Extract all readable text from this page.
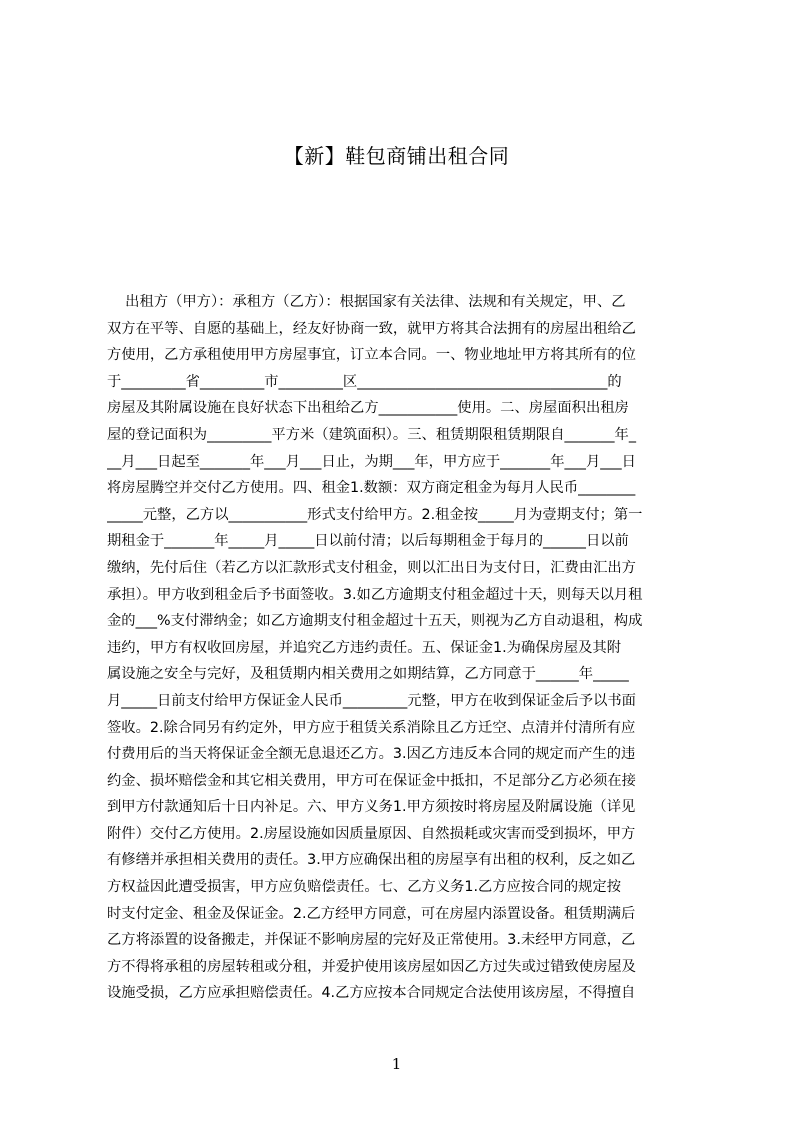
【新】鞋包商铺出租合同
出租方（甲方）：承租方（乙方）：根据国家有关法律、法规和有关规定，甲、乙
双方在平等、自愿的基础上，经友好协商一致，就甲方将其合法拥有的房屋出租给乙
方使用，乙方承租使用甲方房屋事宜，订立本合同。一、物业地址甲方将其所有的位
于_________省_________市_________区___________________________________的
房屋及其附属设施在良好状态下出租给乙方___________使用。二、房屋面积出租房
屋的登记面积为_________平方米（建筑面积）。三、租赁期限租赁期限自_______年_
__月___日起至_______年___月___日止，为期___年，甲方应于_______年___月___日
将房屋腾空并交付乙方使用。四、租金1.数额：双方商定租金为每月人民币________
_____元整，乙方以___________形式支付给甲方。2.租金按_____月为壹期支付；第一
期租金于_______年_____月_____日以前付清；以后每期租金于每月的______日以前
缴纳，先付后住（若乙方以汇款形式支付租金，则以汇出日为支付日，汇费由汇出方
承担）。甲方收到租金后予书面签收。3.如乙方逾期支付租金超过十天，则每天以月租
金的___%支付滞纳金；如乙方逾期支付租金超过十五天，则视为乙方自动退租，构成
违约，甲方有权收回房屋，并追究乙方违约责任。五、保证金1.为确保房屋及其附
属设施之安全与完好，及租赁期内相关费用之如期结算，乙方同意于______年_____
月_____日前支付给甲方保证金人民币_________元整，甲方在收到保证金后予以书面
签收。2.除合同另有约定外，甲方应于租赁关系消除且乙方迁空、点清并付清所有应
付费用后的当天将保证金全额无息退还乙方。3.因乙方违反本合同的规定而产生的违
约金、损坏赔偿金和其它相关费用，甲方可在保证金中抵扣，不足部分乙方必须在接
到甲方付款通知后十日内补足。六、甲方义务1.甲方须按时将房屋及附属设施（详见
附件）交付乙方使用。2.房屋设施如因质量原因、自然损耗或灾害而受到损坏，甲方
有修缮并承担相关费用的责任。3.甲方应确保出租的房屋享有出租的权利，反之如乙
方权益因此遭受损害，甲方应负赔偿责任。七、乙方义务1.乙方应按合同的规定按
时支付定金、租金及保证金。2.乙方经甲方同意，可在房屋内添置设备。租赁期满后
乙方将添置的设备搬走，并保证不影响房屋的完好及正常使用。3.未经甲方同意，乙
方不得将承租的房屋转租或分租，并爱护使用该房屋如因乙方过失或过错致使房屋及
设施受损，乙方应承担赔偿责任。4.乙方应按本合同规定合法使用该房屋，不得擅自
1
